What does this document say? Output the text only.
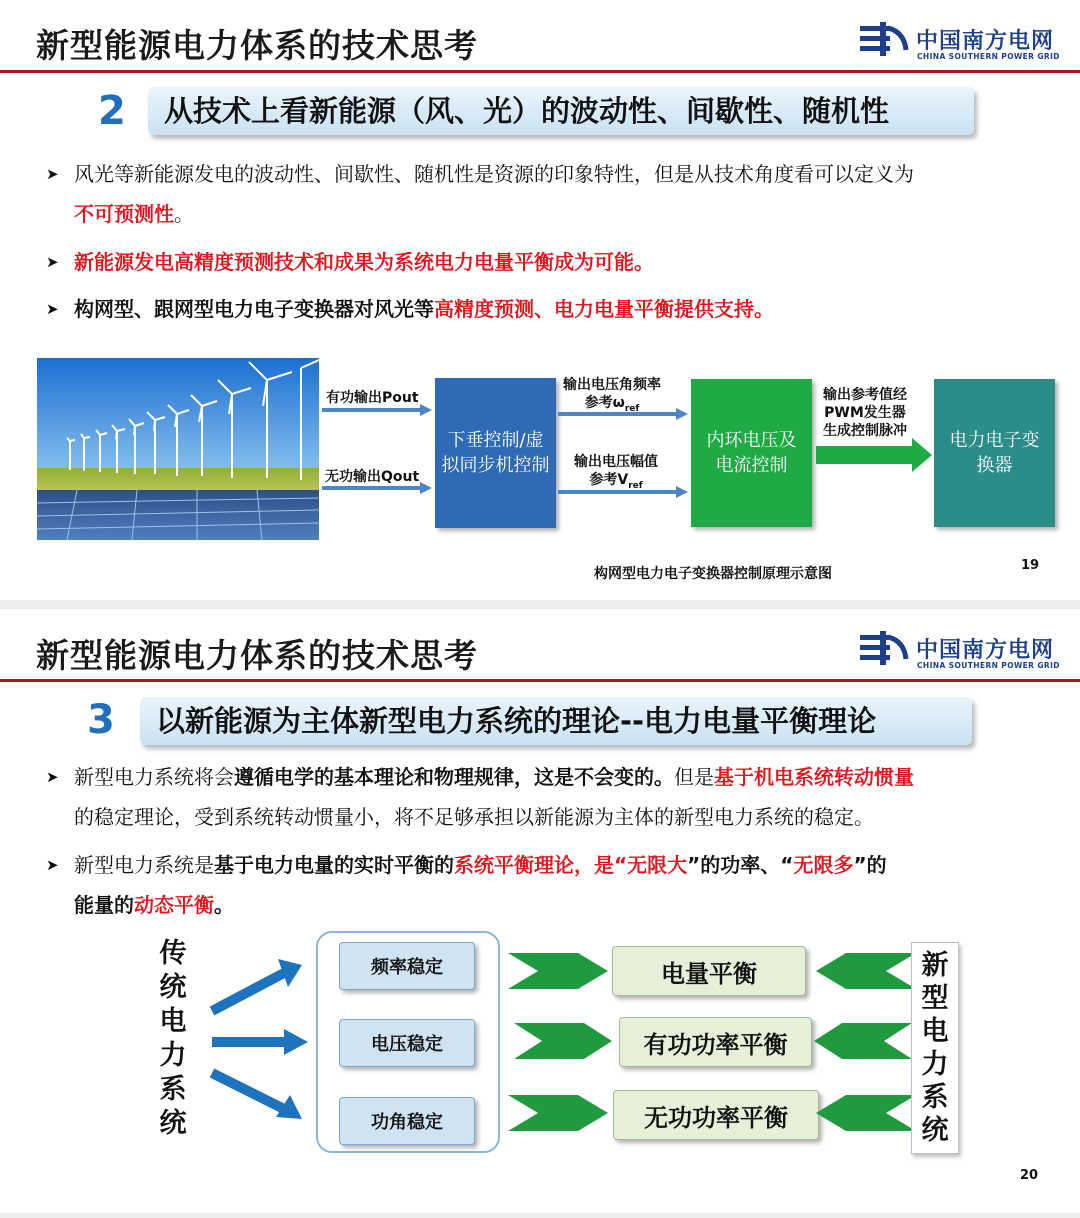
新型能源电力体系的技术思考	中国南方电网
CHINA SOUTHERN POWER GRID
2	从技术上看新能源（风、光）的波动性、间歇性、随机性
➤ 风光等新能源发电的波动性、间歇性、随机性是资源的印象特性，但是从技术角度看可以定义为
不可预测性。
➤ 新能源发电高精度预测技术和成果为系统电力电量平衡成为可能。
➤ 构网型、跟网型电力电子变换器对风光等高精度预测、电力电量平衡提供支持。
有功输出Pout
无功输出Qout
下垂控制/虚拟同步机控制
输出电压角频率
参考$\omega_{ref}$
输出电压幅值
参考$V_{ref}$
内环电压及电流控制
输出参考值经
PWM发生器
生成控制脉冲	电力电子变换器
构网型电力电子变换器控制原理示意图
19
新型能源电力体系的技术思考	中国南方电网
CHINA SOUTHERN POWER GRID
3	以新能源为主体新型电力系统的理论--电力电量平衡理论
➤ 新型电力系统将会遵循电学的基本理论和物理规律，这是不会变的。但是基于机电系统转动惯量
的稳定理论，受到系统转动惯量小，将不足够承担以新能源为主体的新型电力系统的稳定。
➤ 新型电力系统是基于电力电量的实时平衡的系统平衡理论，是“无限大”的功率、“无限多”的
能量的动态平衡。
传统电力系统
频率稳定
电压稳定
功角稳定
电量平衡
有功功率平衡
无功功率平衡
新型电力系统
20
